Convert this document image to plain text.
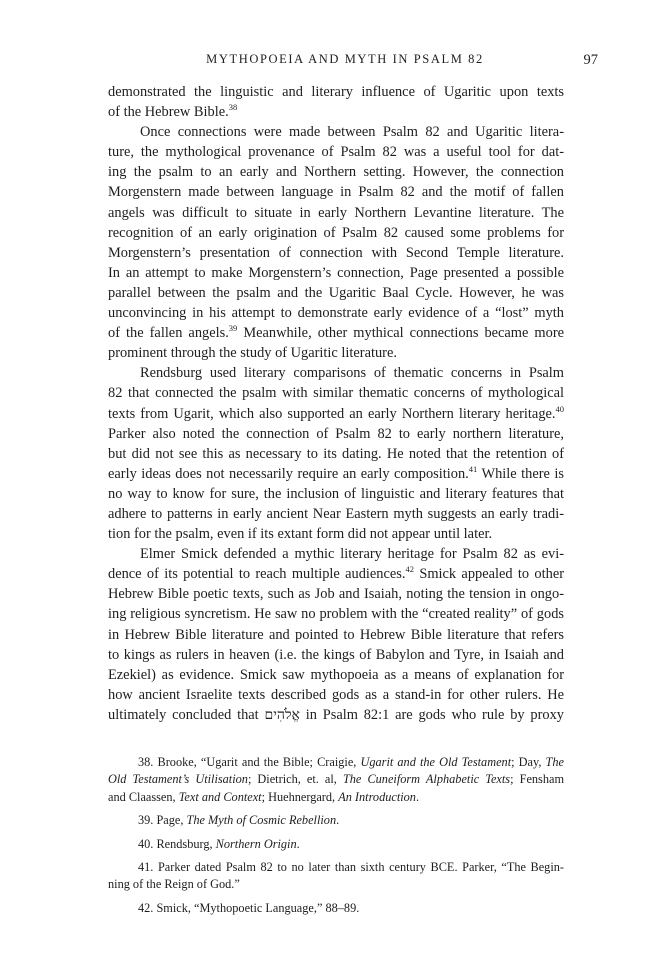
MYTHOPOEIA AND MYTH IN PSALM 82	97
demonstrated the linguistic and literary influence of Ugaritic upon texts
of the Hebrew Bible.$^{38}$
Once connections were made between Psalm 82 and Ugaritic litera-
ture, the mythological provenance of Psalm 82 was a useful tool for dat-
ing the psalm to an early and Northern setting. However, the connection
Morgenstern made between language in Psalm 82 and the motif of fallen
angels was difficult to situate in early Northern Levantine literature. The
recognition of an early origination of Psalm 82 caused some problems for
Morgenstern’s presentation of connection with Second Temple literature.
In an attempt to make Morgenstern’s connection, Page presented a possible
parallel between the psalm and the Ugaritic Baal Cycle. However, he was
unconvincing in his attempt to demonstrate early evidence of a “lost” myth
of the fallen angels.$^{39}$ Meanwhile, other mythical connections became more
prominent through the study of Ugaritic literature.
Rendsburg used literary comparisons of thematic concerns in Psalm
82 that connected the psalm with similar thematic concerns of mythological
texts from Ugarit, which also supported an early Northern literary heritage.$^{40}$
Parker also noted the connection of Psalm 82 to early northern literature,
but did not see this as necessary to its dating. He noted that the retention of
early ideas does not necessarily require an early composition.$^{41}$ While there is
no way to know for sure, the inclusion of linguistic and literary features that
adhere to patterns in early ancient Near Eastern myth suggests an early tradi-
tion for the psalm, even if its extant form did not appear until later.
Elmer Smick defended a mythic literary heritage for Psalm 82 as evi-
dence of its potential to reach multiple audiences.$^{42}$ Smick appealed to other
Hebrew Bible poetic texts, such as Job and Isaiah, noting the tension in ongo-
ing religious syncretism. He saw no problem with the “created reality” of gods
in Hebrew Bible literature and pointed to Hebrew Bible literature that refers
to kings as rulers in heaven (i.e. the kings of Babylon and Tyre, in Isaiah and
Ezekiel) as evidence. Smick saw mythopoeia as a means of explanation for
how ancient Israelite texts described gods as a stand-in for other rulers. He
ultimately concluded that אֱלֹהִים in Psalm 82:1 are gods who rule by proxy
38. Brooke, “Ugarit and the Bible; Craigie, Ugarit and the Old Testament; Day, The
Old Testament’s Utilisation; Dietrich, et. al, The Cuneiform Alphabetic Texts; Fensham
and Claassen, Text and Context; Huehnergard, An Introduction.
39. Page, The Myth of Cosmic Rebellion.
40. Rendsburg, Northern Origin.
41. Parker dated Psalm 82 to no later than sixth century BCE. Parker, “The Begin-
ning of the Reign of God.”
42. Smick, “Mythopoetic Language,” 88–89.
